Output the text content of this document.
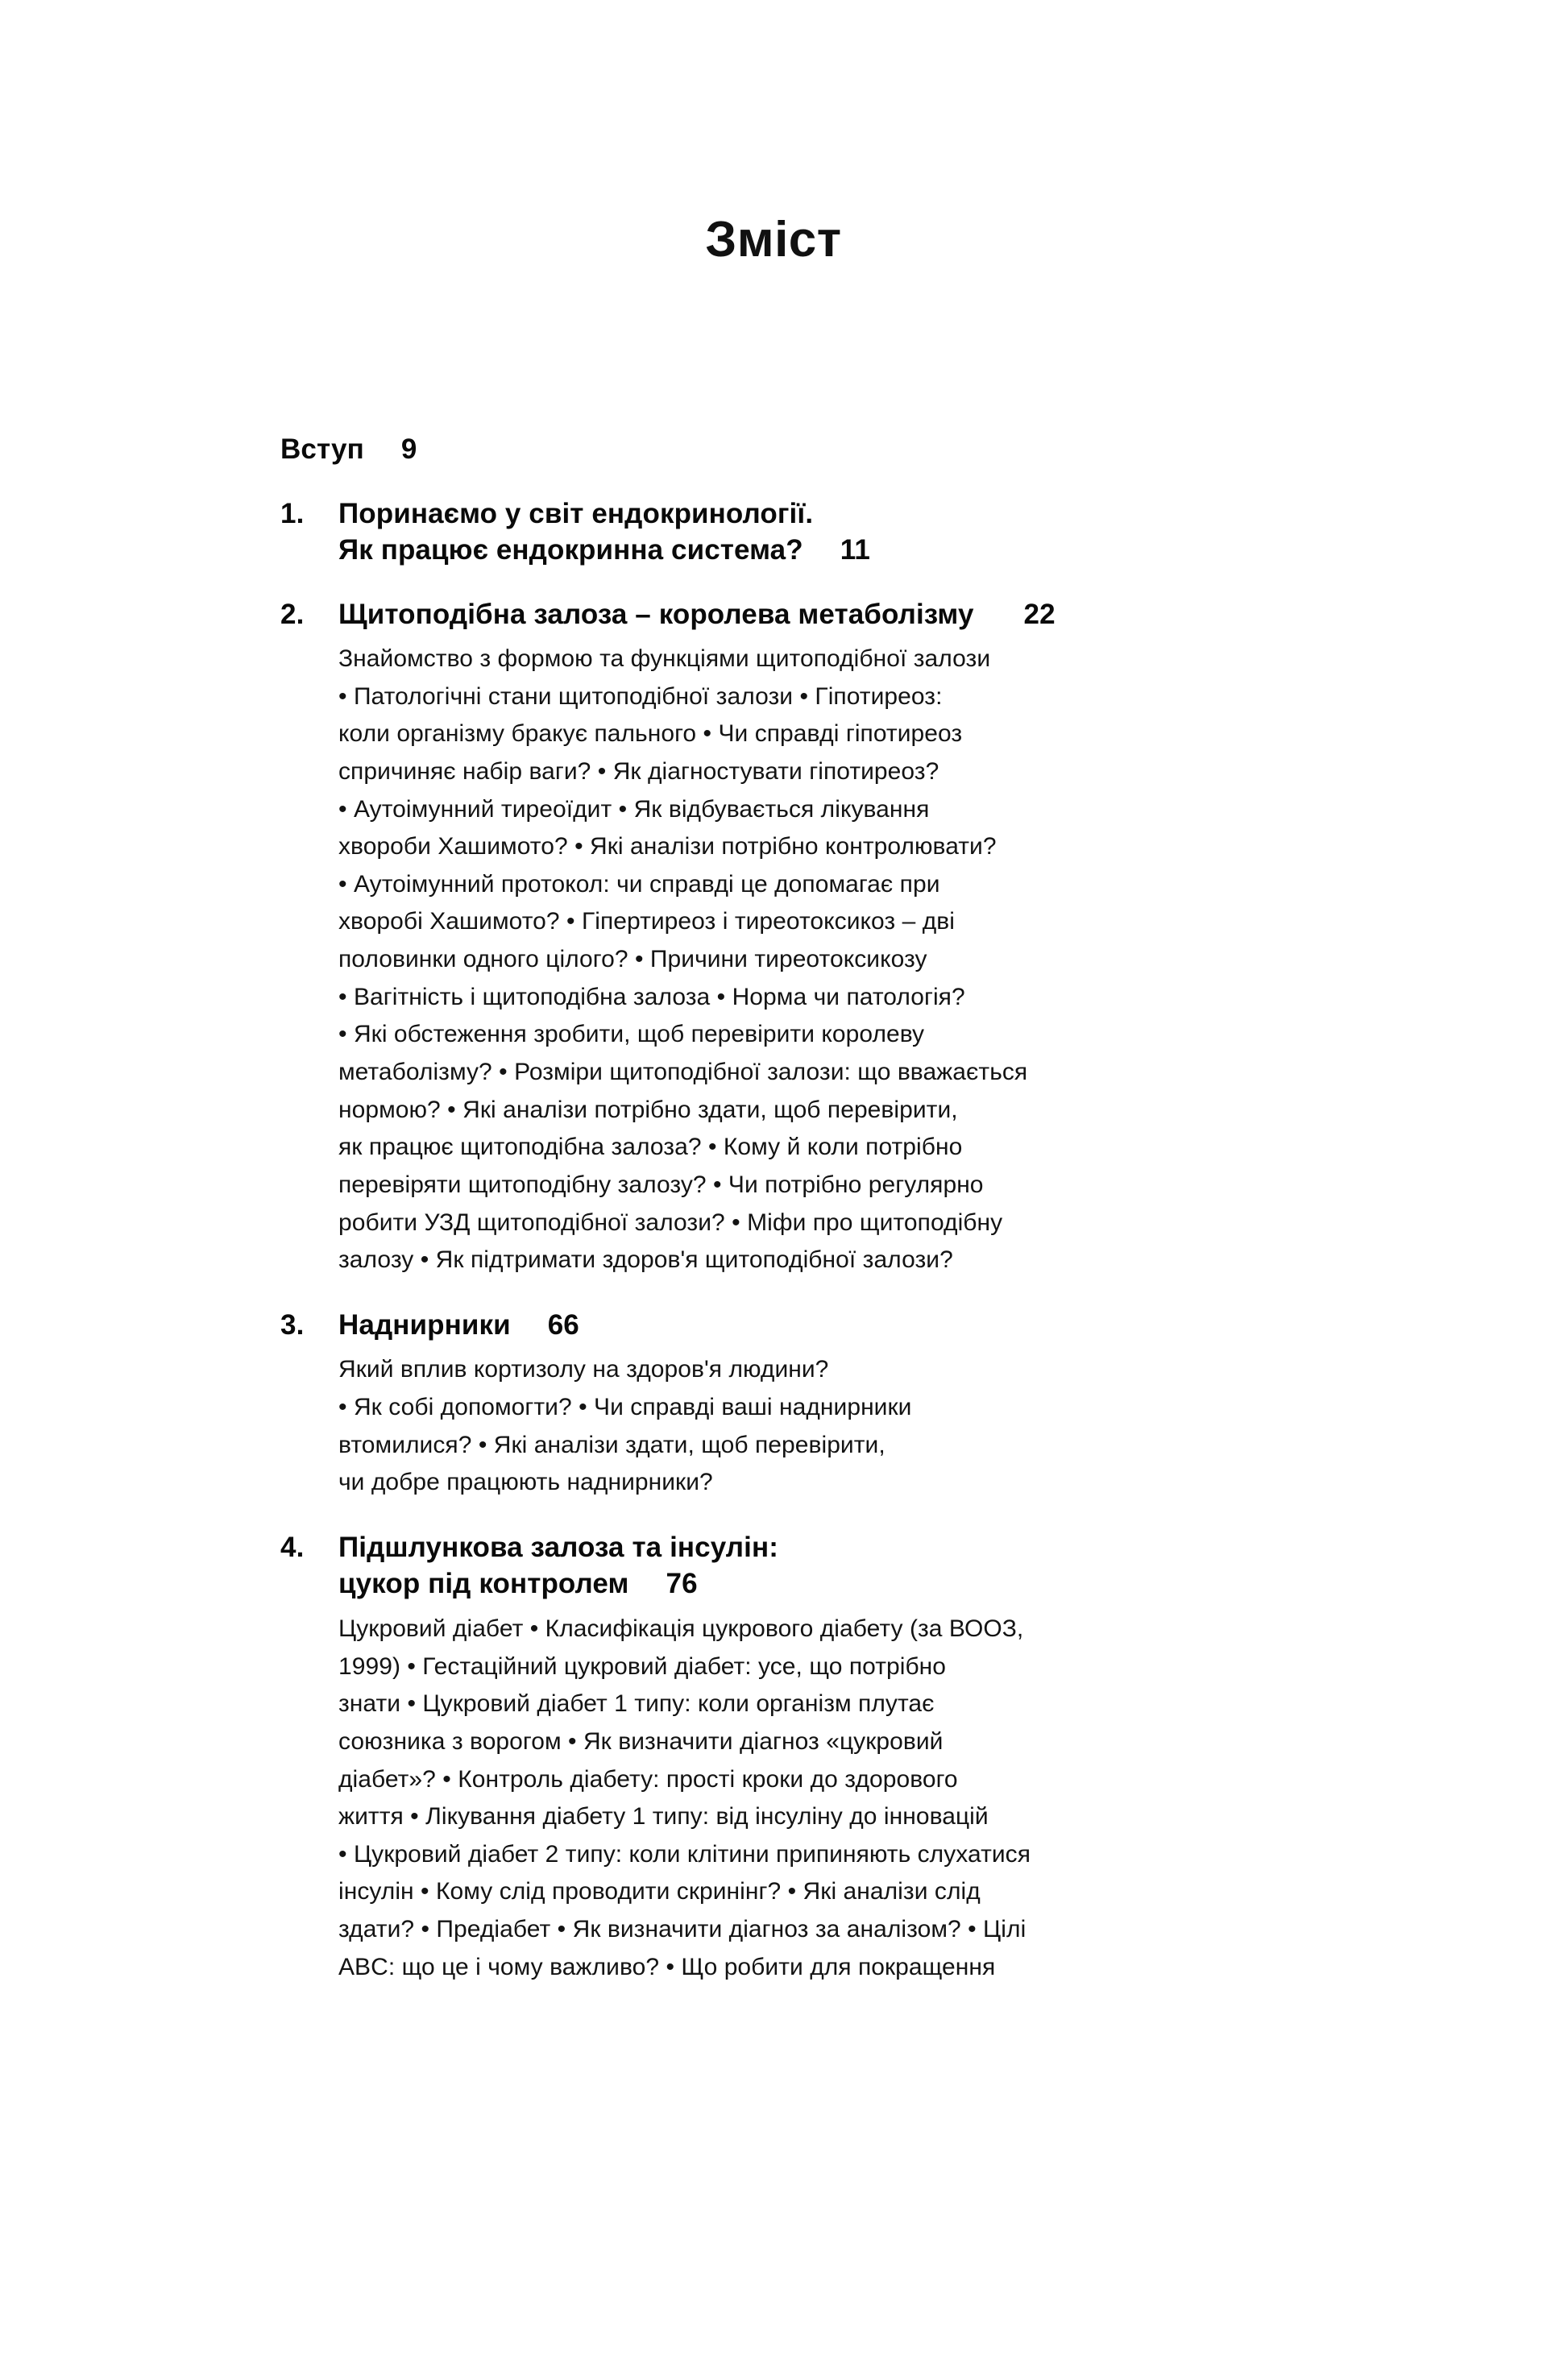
Зміст
Вступ 9
1. Поринаємо у світ ендокринології.
Як працює ендокринна система? 11
2. Щитоподібна залоза – королева метаболізму 22
Знайомство з формою та функціями щитоподібної залози
• Патологічні стани щитоподібної залози • Гіпотиреоз:
коли організму бракує пального • Чи справді гіпотиреоз
спричиняє набір ваги? • Як діагностувати гіпотиреоз?
• Аутоімунний тиреоїдит • Як відбувається лікування
хвороби Хашимото? • Які аналізи потрібно контролювати?
• Аутоімунний протокол: чи справді це допомагає при
хворобі Хашимото? • Гіпертиреоз і тиреотоксикоз – дві
половинки одного цілого? • Причини тиреотоксикозу
• Вагітність і щитоподібна залоза • Норма чи патологія?
• Які обстеження зробити, щоб перевірити королеву
метаболізму? • Розміри щитоподібної залози: що вважається
нормою? • Які аналізи потрібно здати, щоб перевірити,
як працює щитоподібна залоза? • Кому й коли потрібно
перевіряти щитоподібну залозу? • Чи потрібно регулярно
робити УЗД щитоподібної залози? • Міфи про щитоподібну
залозу • Як підтримати здоров'я щитоподібної залози?
3. Наднирники 66
Який вплив кортизолу на здоров'я людини?
• Як собі допомогти? • Чи справді ваші наднирники
втомилися? • Які аналізи здати, щоб перевірити,
чи добре працюють наднирники?
4. Підшлункова залоза та інсулін:
цукор під контролем 76
Цукровий діабет • Класифікація цукрового діабету (за ВООЗ,
1999) • Гестаційний цукровий діабет: усе, що потрібно
знати • Цукровий діабет 1 типу: коли організм плутає
союзника з ворогом • Як визначити діагноз «цукровий
діабет»? • Контроль діабету: прості кроки до здорового
життя • Лікування діабету 1 типу: від інсуліну до інновацій
• Цукровий діабет 2 типу: коли клітини припиняють слухатися
інсулін • Кому слід проводити скринінг? • Які аналізи слід
здати? • Предіабет • Як визначити діагноз за аналізом? • Цілі
ABC: що це і чому важливо? • Що робити для покращення
